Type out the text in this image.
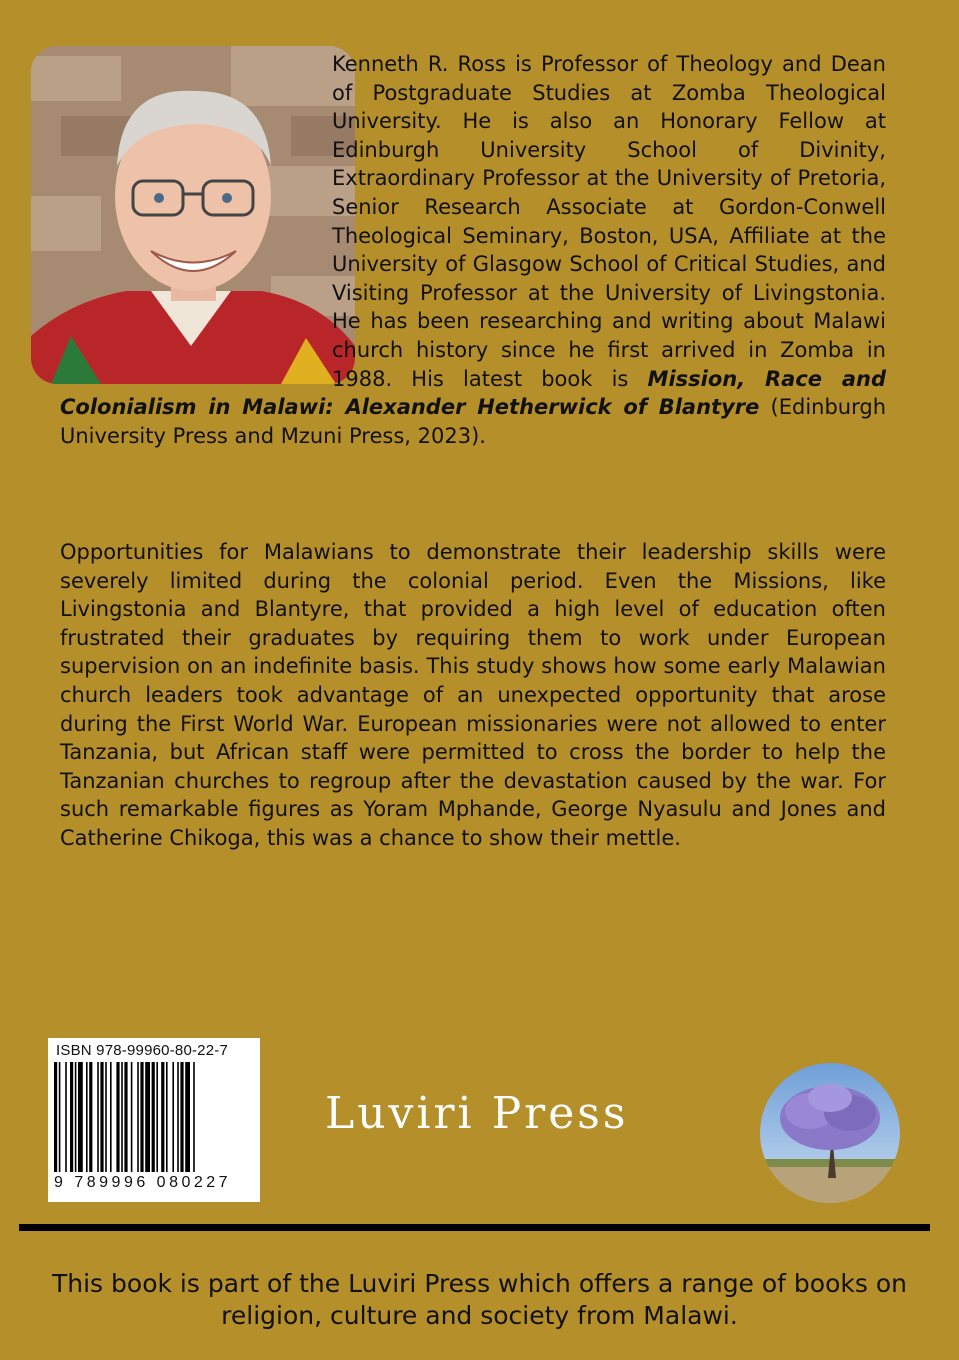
Kenneth R. Ross is Professor of Theology and Dean of Postgraduate Studies at Zomba Theological University. He is also an Honorary Fellow at Edinburgh University School of Divinity, Extraordinary Professor at the University of Pretoria, Senior Research Associate at Gordon-Conwell Theological Seminary, Boston, USA, Affiliate at the University of Glasgow School of Critical Studies, and Visiting Professor at the University of Livingstonia. He has been researching and writing about Malawi church history since he first arrived in Zomba in 1988. His latest book is Mission, Race and Colonialism in Malawi: Alexander Hetherwick of Blantyre (Edinburgh University Press and Mzuni Press, 2023).

Opportunities for Malawians to demonstrate their leadership skills were severely limited during the colonial period. Even the Missions, like Livingstonia and Blantyre, that provided a high level of education often frustrated their graduates by requiring them to work under European supervision on an indefinite basis. This study shows how some early Malawian church leaders took advantage of an unexpected opportunity that arose during the First World War. European missionaries were not allowed to enter Tanzania, but African staff were permitted to cross the border to help the Tanzanian churches to regroup after the devastation caused by the war. For such remarkable figures as Yoram Mphande, George Nyasulu and Jones and Catherine Chikoga, this was a chance to show their mettle.

ISBN 978-99960-80-22-7
9 789996 080227
Luviri Press

This book is part of the Luviri Press which offers a range of books on religion, culture and society from Malawi.
